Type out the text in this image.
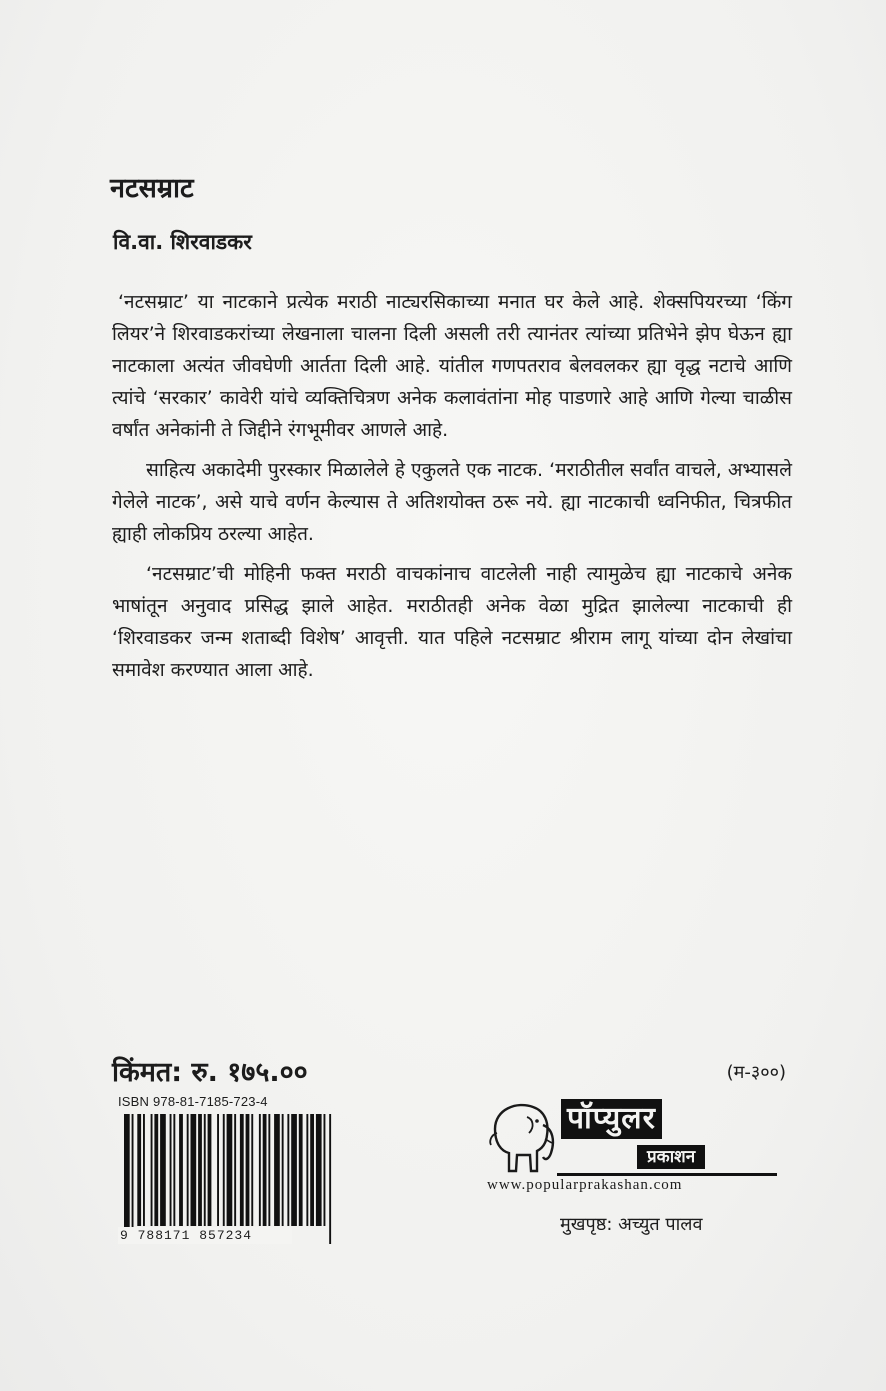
नटसम्राट
वि.वा. शिरवाडकर

‘नटसम्राट’ या नाटकाने प्रत्येक मराठी नाट्यरसिकाच्या मनात घर केले आहे. शेक्सपियरच्या ‘किंग लियर’ने शिरवाडकरांच्या लेखनाला चालना दिली असली तरी त्यानंतर त्यांच्या प्रतिभेने झेप घेऊन ह्या नाटकाला अत्यंत जीवघेणी आर्तता दिली आहे. यांतील गणपतराव बेलवलकर ह्या वृद्ध नटाचे आणि त्यांचे ‘सरकार’ कावेरी यांचे व्यक्तिचित्रण अनेक कलावंतांना मोह पाडणारे आहे आणि गेल्या चाळीस वर्षांत अनेकांनी ते जिद्दीने रंगभूमीवर आणले आहे.

साहित्य अकादेमी पुरस्कार मिळालेले हे एकुलते एक नाटक. ‘मराठीतील सर्वांत वाचले, अभ्यासले गेलेले नाटक’, असे याचे वर्णन केल्यास ते अतिशयोक्त ठरू नये. ह्या नाटकाची ध्वनिफीत, चित्रफीत ह्याही लोकप्रिय ठरल्या आहेत.

‘नटसम्राट’ची मोहिनी फक्त मराठी वाचकांनाच वाटलेली नाही त्यामुळेच ह्या नाटकाचे अनेक भाषांतून अनुवाद प्रसिद्ध झाले आहेत. मराठीतही अनेक वेळा मुद्रित झालेल्या नाटकाची ही ‘शिरवाडकर जन्म शताब्दी विशेष’ आवृत्ती. यात पहिले नटसम्राट श्रीराम लागू यांच्या दोन लेखांचा समावेश करण्यात आला आहे.

किंमत: रु. १७५.००	(म-३००)
ISBN 978-81-7185-723-4
9 788171 857234
पॉप्युलर
प्रकाशन
www.popularprakashan.com
मुखपृष्ठ: अच्युत पालव
